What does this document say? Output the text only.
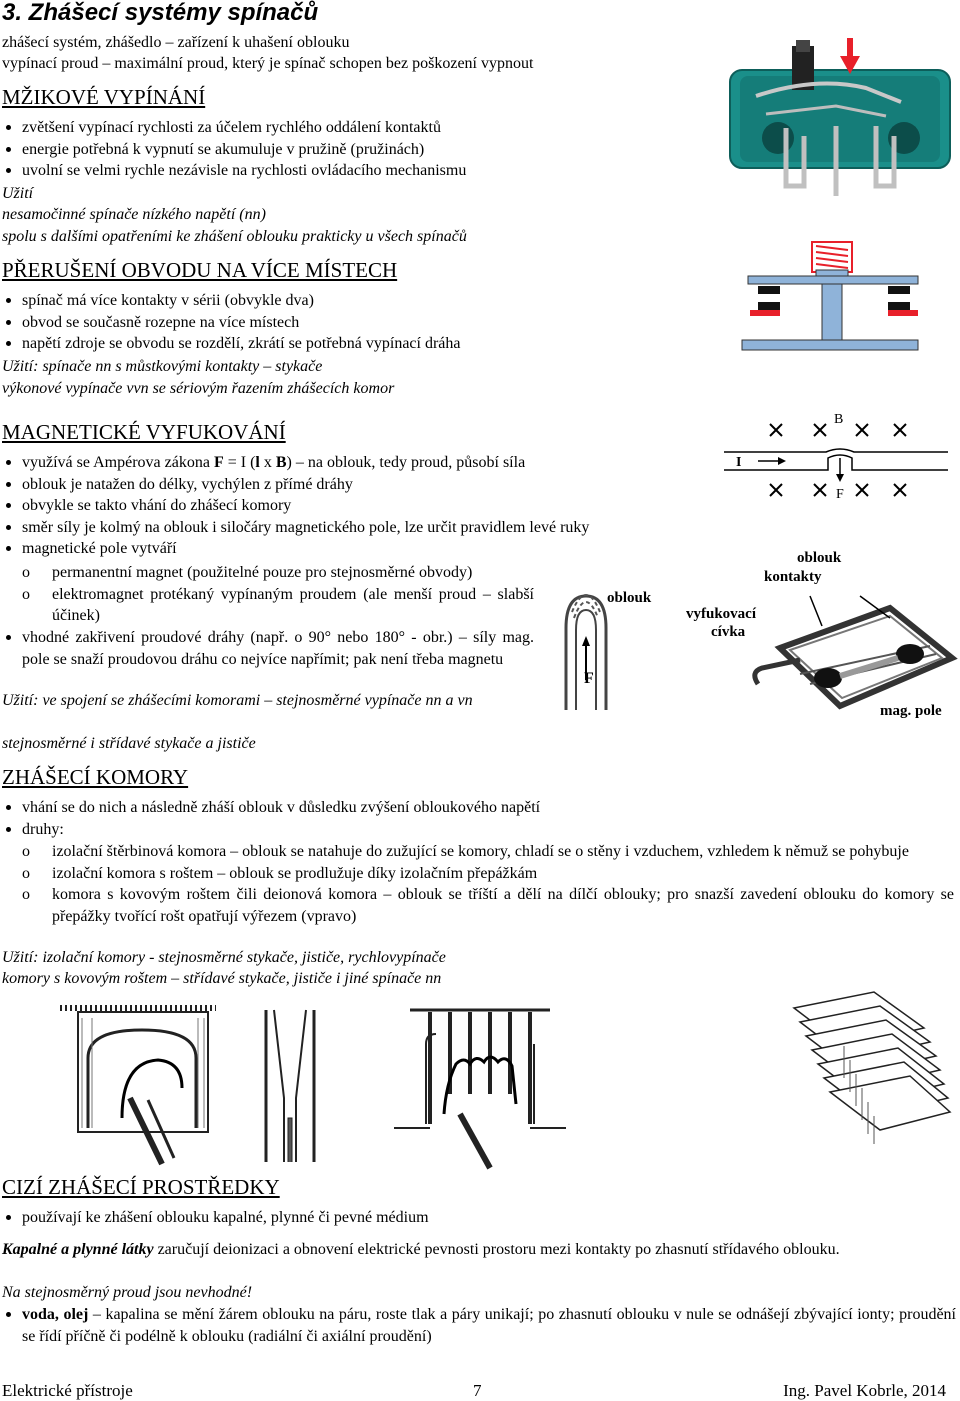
3. Zhášecí systémy spínačů
zhášecí systém, zhášedlo – zařízení k uhašení oblouku
vypínací proud – maximální proud, který je spínač schopen bez poškození vypnout
MŽIKOVÉ VYPÍNÁNÍ
zvětšení vypínací rychlosti za účelem rychlého oddálení kontaktů
energie potřebná k vypnutí se akumuluje v pružině (pružinách)
uvolní se velmi rychle nezávisle na rychlosti ovládacího mechanismu
Užití
nesamočinné spínače nízkého napětí (nn)
spolu s dalšími opatřeními ke zhášení oblouku prakticky u všech spínačů
PŘERUŠENÍ OBVODU NA VÍCE MÍSTECH
spínač má více kontakty v sérii (obvykle dva)
obvod se současně rozepne na více místech
napětí zdroje se obvodu se rozdělí, zkrátí se potřebná vypínací dráha
Užití: spínače nn s můstkovými kontakty – stykače
výkonové vypínače vvn se sériovým řazením zhášecích komor
MAGNETICKÉ VYFUKOVÁNÍ
využívá se Ampérova zákona F = I (l x B) – na oblouk, tedy proud, působí síla
oblouk je natažen do délky, vychýlen z přímé dráhy
obvykle se takto vhání do zhášecí komory
směr síly je kolmý na oblouk i siločáry magnetického pole, lze určit pravidlem levé ruky
magnetické pole vytváří
o permanentní magnet (použitelné pouze pro stejnosměrné obvody)
o elektromagnet protékaný vypínaným proudem (ale menší proud – slabší účinek)
vhodné zakřivení proudové dráhy (např. o 90° nebo 180° - obr.) – síly mag. pole se snaží proudovou dráhu co nejvíce napřímit; pak není třeba magnetu
Užití: ve spojení se zhášecími komorami – stejnosměrné vypínače nn a vn
stejnosměrné i střídavé stykače a jističe
ZHÁŠECÍ KOMORY
vhání se do nich a následně zháší oblouk v důsledku zvýšení obloukového napětí
druhy:
o izolační štěrbinová komora – oblouk se natahuje do zužující se komory, chladí se o stěny i vzduchem, vzhledem k němuž se pohybuje
o izolační komora s roštem – oblouk se prodlužuje díky izolačním přepážkám
o komora s kovovým roštem čili deionová komora – oblouk se tříští a dělí na dílčí oblouky; pro snazší zavedení oblouku do komory se přepážky tvořící rošt opatřují výřezem (vpravo)
Užití: izolační komory - stejnosměrné stykače, jističe, rychlovypínače
komory s kovovým roštem – střídavé stykače, jističe i jiné spínače nn
CIZÍ ZHÁŠECÍ PROSTŘEDKY
používají ke zhášení oblouku kapalné, plynné či pevné médium
Kapalné a plynné látky zaručují deionizaci a obnovení elektrické pevnosti prostoru mezi kontakty po zhasnutí střídavého oblouku.
Na stejnosměrný proud jsou nevhodné!
voda, olej – kapalina se mění žárem oblouku na páru, roste tlak a páry unikají; po zhasnutí oblouku v nule se odnášejí zbývající ionty; proudění se řídí příčně či podélně k oblouku (radiální či axiální proudění)
B
I
F
oblouk
F
oblouk
kontakty
vyfukovací
cívka
mag. pole
Elektrické přístroje	7	Ing. Pavel Kobrle, 2014
